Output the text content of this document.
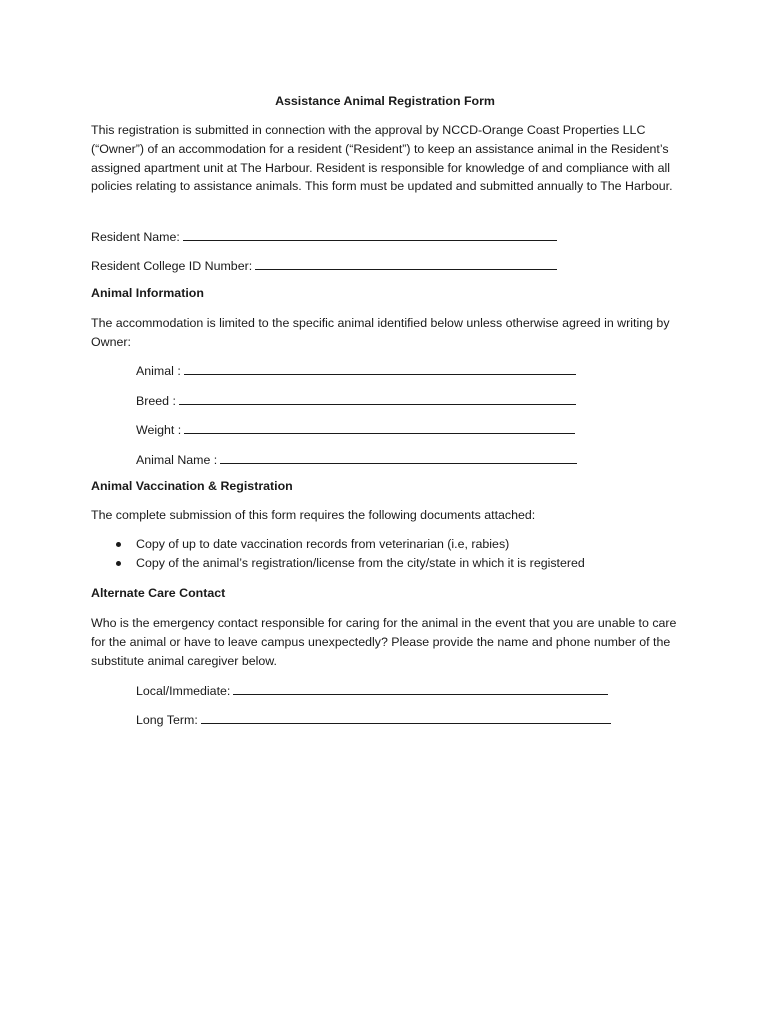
Assistance Animal Registration Form

This registration is submitted in connection with the approval by NCCD-Orange Coast Properties LLC (“Owner”) of an accommodation for a resident (“Resident”) to keep an assistance animal in the Resident’s assigned apartment unit at The Harbour. Resident is responsible for knowledge of and compliance with all policies relating to assistance animals. This form must be updated and submitted annually to The Harbour.

Resident Name:
Resident College ID Number:
Animal Information

The accommodation is limited to the specific animal identified below unless otherwise agreed in writing by Owner:

Animal :
Breed :
Weight :
Animal Name :
Animal Vaccination & Registration
The complete submission of this form requires the following documents attached:
Copy of up to date vaccination records from veterinarian (i.e, rabies)
Copy of the animal’s registration/license from the city/state in which it is registered
Alternate Care Contact

Who is the emergency contact responsible for caring for the animal in the event that you are unable to care for the animal or have to leave campus unexpectedly? Please provide the name and phone number of the substitute animal caregiver below.

Local/Immediate:
Long Term:
